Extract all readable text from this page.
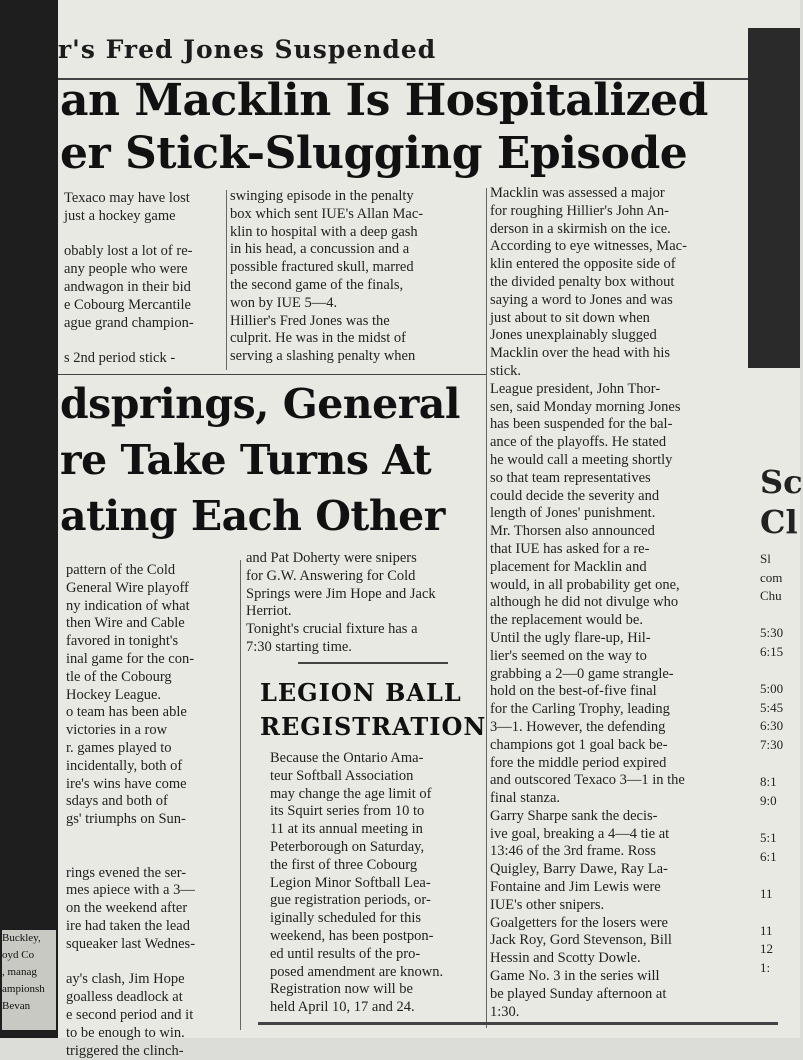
Buckley,
oyd Co
, manag
ampionsh
Bevan
r's Fred Jones Suspended
an Macklin Is Hospitalized
er Stick-Slugging Episode
Texaco may have lost
just a hockey game

obably lost a lot of re-
any people who were
andwagon in their bid
e Cobourg Mercantile
ague grand champion-

s 2nd period stick -
swinging episode in the penalty
box which sent IUE's Allan Mac-
klin to hospital with a deep gash
in his head, a concussion and a
possible fractured skull, marred
the second game of the finals,
won by IUE 5—4.
Hillier's Fred Jones was the
culprit. He was in the midst of
serving a slashing penalty when
Macklin was assessed a major
for roughing Hillier's John An-
derson in a skirmish on the ice.
According to eye witnesses, Mac-
klin entered the opposite side of
the divided penalty box without
saying a word to Jones and was
just about to sit down when
Jones unexplainably slugged
Macklin over the head with his
stick.
League president, John Thor-
sen, said Monday morning Jones
has been suspended for the bal-
ance of the playoffs. He stated
he would call a meeting shortly
so that team representatives
could decide the severity and
length of Jones' punishment.
Mr. Thorsen also announced
that IUE has asked for a re-
placement for Macklin and
would, in all probability get one,
although he did not divulge who
the replacement would be.
Until the ugly flare-up, Hil-
lier's seemed on the way to
grabbing a 2—0 game strangle-
hold on the best-of-five final
for the Carling Trophy, leading
3—1. However, the defending
champions got 1 goal back be-
fore the middle period expired
and outscored Texaco 3—1 in the
final stanza.
Garry Sharpe sank the decis-
ive goal, breaking a 4—4 tie at
13:46 of the 3rd frame. Ross
Quigley, Barry Dawe, Ray La-
Fontaine and Jim Lewis were
IUE's other snipers.
Goalgetters for the losers were
Jack Roy, Gord Stevenson, Bill
Hessin and Scotty Dowle.
Game No. 3 in the series will
be played Sunday afternoon at
1:30.
dsprings, General
re Take Turns At
ating Each Other
pattern of the Cold
General Wire playoff
ny indication of what
then Wire and Cable
favored in tonight's
inal game for the con-
tle of the Cobourg
Hockey League.
o team has been able
victories in a row
r. games played to
incidentally, both of
ire's wins have come
sdays and both of
gs' triumphs on Sun-

rings evened the ser-
mes apiece with a 3—
on the weekend after
ire had taken the lead
squeaker last Wednes-

ay's clash, Jim Hope
goalless deadlock at
e second period and it
to be enough to win.
triggered the clinch-
and Pat Doherty were snipers
for G.W. Answering for Cold
Springs were Jim Hope and Jack
Herriot.
Tonight's crucial fixture has a
7:30 starting time.
LEGION BALL
REGISTRATION
Because the Ontario Ama-
teur Softball Association
may change the age limit of
its Squirt series from 10 to
11 at its annual meeting in
Peterborough on Saturday,
the first of three Cobourg
Legion Minor Softball Lea-
gue registration periods, or-
iginally scheduled for this
weekend, has been postpon-
ed until results of the pro-
posed amendment are known.
Registration now will be
held April 10, 17 and 24.
Sc
Cl
Sl
com
Chu

5:30
6:15

5:00
5:45
6:30
7:30

8:1
9:0

5:1
6:1

11

11
12
1:
